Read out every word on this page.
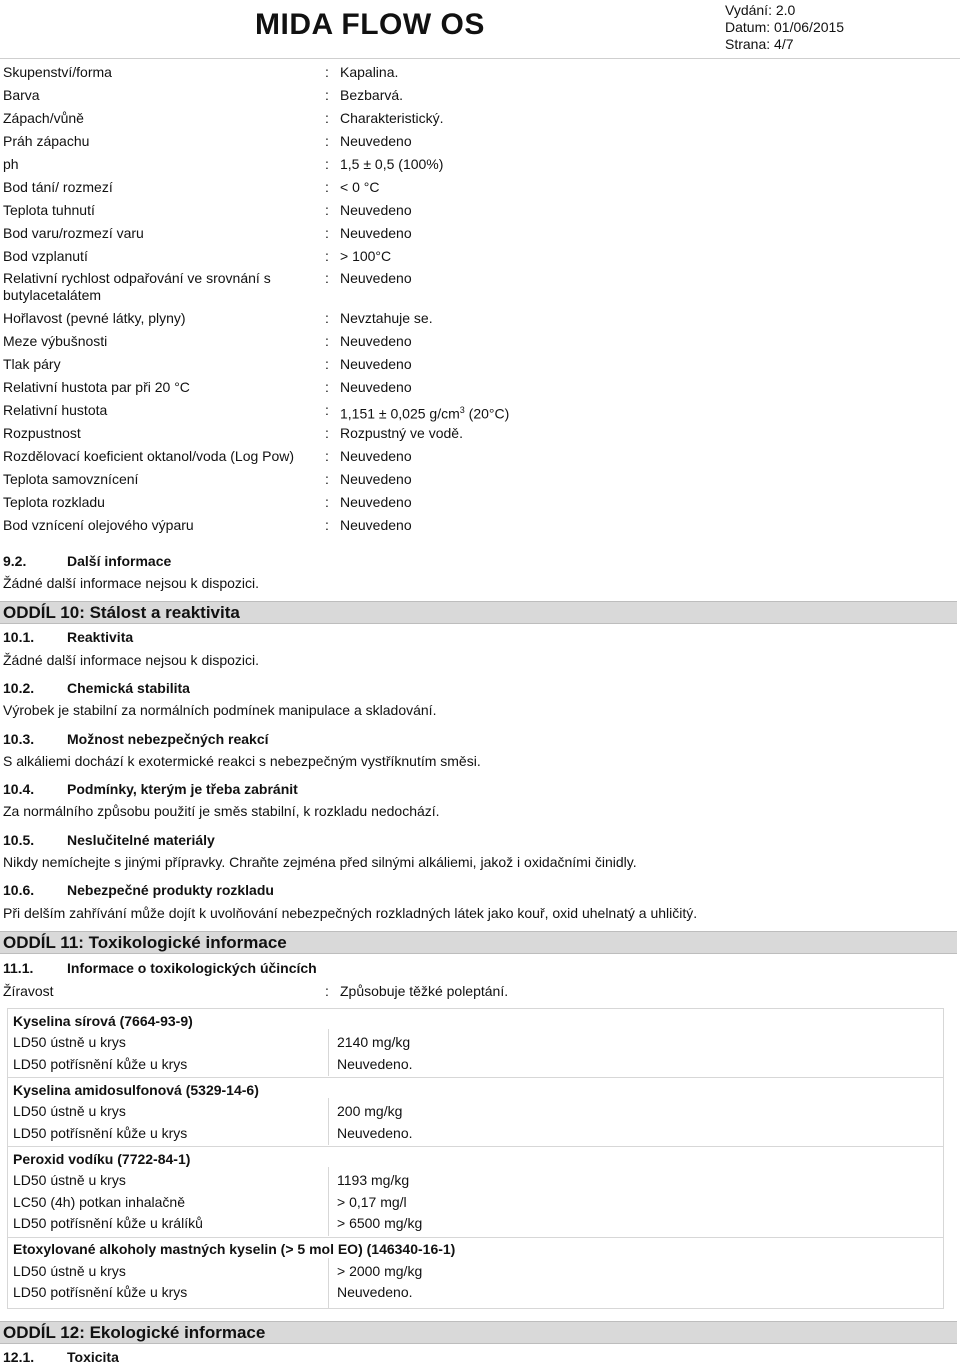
MIDA FLOW OS	Vydání: 2.0
Datum: 01/06/2015
Strana: 4/7
Skupenství/forma	: Kapalina.
Barva	: Bezbarvá.
Zápach/vůně	: Charakteristický.
Práh zápachu	: Neuvedeno
ph	: 1,5 ± 0,5 (100%)
Bod tání/ rozmezí	: < 0 °C
Teplota tuhnutí	: Neuvedeno
Bod varu/rozmezí varu	: Neuvedeno
Bod vzplanutí	: > 100°C
Relativní rychlost odpařování ve srovnání s
butylacetalátem
: Neuvedeno
Hořlavost (pevné látky, plyny)	: Nevztahuje se.
Meze výbušnosti	: Neuvedeno
Tlak páry	: Neuvedeno
Relativní hustota par při 20 °C	: Neuvedeno
Relativní hustota	: 1,151 ± 0,025 $g/cm^3$ (20°C)
Rozpustnost	: Rozpustný ve vodě.
Rozdělovací koeficient oktanol/voda (Log Pow)	: Neuvedeno
Teplota samovznícení	: Neuvedeno
Teplota rozkladu	: Neuvedeno
Bod vznícení olejového výparu	: Neuvedeno
9.2.	Další informace
Žádné další informace nejsou k dispozici.
ODDÍL 10: Stálost a reaktivita
10.1. Reaktivita
Žádné další informace nejsou k dispozici.
10.2. Chemická stabilita
Výrobek je stabilní za normálních podmínek manipulace a skladování.
10.3. Možnost nebezpečných reakcí
S alkáliemi dochází k exotermické reakci s nebezpečným vystříknutím směsi.
10.4. Podmínky, kterým je třeba zabránit
Za normálního způsobu použití je směs stabilní, k rozkladu nedochází.
10.5. Neslučitelné materiály
Nikdy nemíchejte s jinými přípravky. Chraňte zejména před silnými alkáliemi, jakož i oxidačními činidly.
10.6. Nebezpečné produkty rozkladu
Při delším zahřívání může dojít k uvolňování nebezpečných rozkladných látek jako kouř, oxid uhelnatý a uhličitý.
ODDÍL 11: Toxikologické informace
11.1. Informace o toxikologických účincích
Žíravost	: Způsobuje těžké poleptání.
Kyselina sírová (7664-93-9)
LD50 ústně u krys	2140 mg/kg
LD50 potřísnění kůže u krys	Neuvedeno.
Kyselina amidosulfonová (5329-14-6)
LD50 ústně u krys	200 mg/kg
LD50 potřísnění kůže u krys	Neuvedeno.
Peroxid vodíku (7722-84-1)
LD50 ústně u krys	1193 mg/kg
LC50 (4h) potkan inhalačně	> 0,17 mg/l
LD50 potřísnění kůže u králíků	> 6500 mg/kg
Etoxylované alkoholy mastných kyselin (> 5 mol EO) (146340-16-1)
LD50 ústně u krys	> 2000 mg/kg
LD50 potřísnění kůže u krys	Neuvedeno.
ODDÍL 12: Ekologické informace
12.1. Toxicita
